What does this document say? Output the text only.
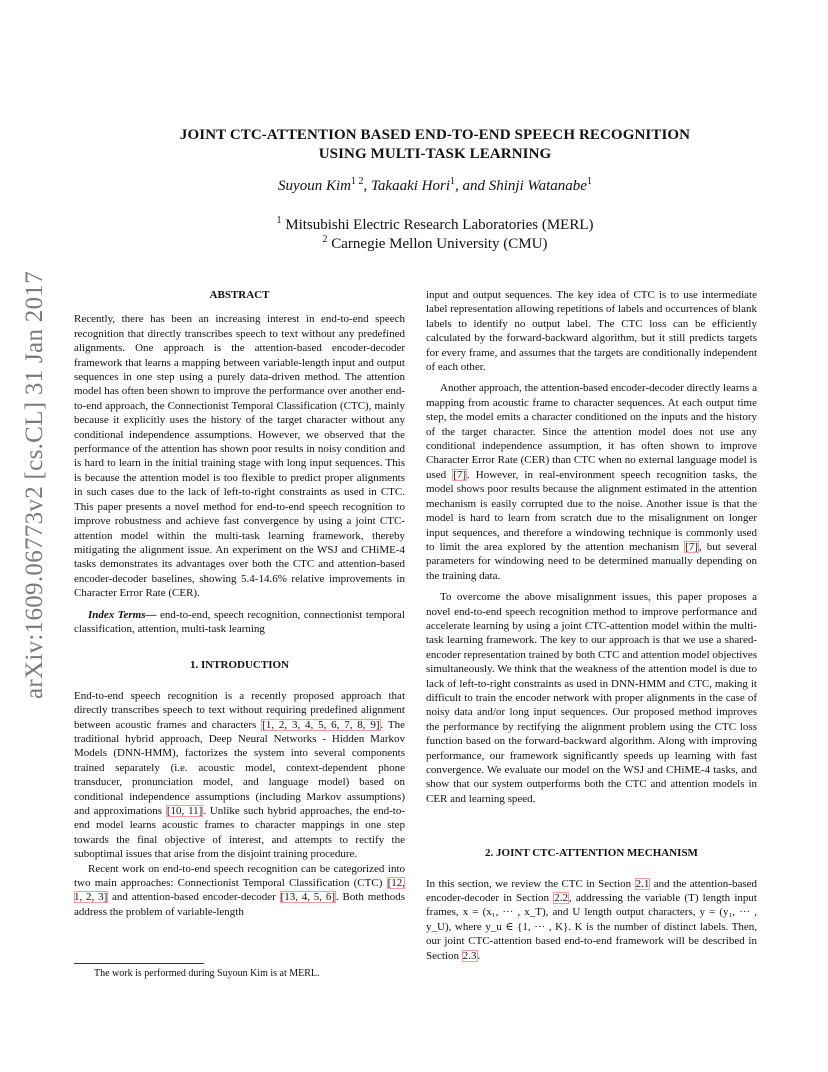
arXiv:1609.06773v2 [cs.CL] 31 Jan 2017
JOINT CTC-ATTENTION BASED END-TO-END SPEECH RECOGNITION
USING MULTI-TASK LEARNING
Suyoun Kim$^{1 2}$, Takaaki Hori$^1$, and Shinji Watanabe$^1$
$^1$ Mitsubishi Electric Research Laboratories (MERL)
$^2$ Carnegie Mellon University (CMU)
ABSTRACT

Recently, there has been an increasing interest in end-to-end speech recognition that directly transcribes speech to text without any predefined alignments. One approach is the attention-based encoder-decoder framework that learns a mapping between variable-length input and output sequences in one step using a purely data-driven method. The attention model has often been shown to improve the performance over another end-to-end approach, the Connectionist Temporal Classification (CTC), mainly because it explicitly uses the history of the target character without any conditional independence assumptions. However, we observed that the performance of the attention has shown poor results in noisy condition and is hard to learn in the initial training stage with long input sequences. This is because the attention model is too flexible to predict proper alignments in such cases due to the lack of left-to-right constraints as used in CTC. This paper presents a novel method for end-to-end speech recognition to improve robustness and achieve fast convergence by using a joint CTC-attention model within the multi-task learning framework, thereby mitigating the alignment issue. An experiment on the WSJ and CHiME-4 tasks demonstrates its advantages over both the CTC and attention-based encoder-decoder baselines, showing 5.4-14.6% relative improvements in Character Error Rate (CER).

Index Terms— end-to-end, speech recognition, connectionist temporal classification, attention, multi-task learning

1. INTRODUCTION

End-to-end speech recognition is a recently proposed approach that directly transcribes speech to text without requiring predefined alignment between acoustic frames and characters [1, 2, 3, 4, 5, 6, 7, 8, 9]. The traditional hybrid approach, Deep Neural Networks - Hidden Markov Models (DNN-HMM), factorizes the system into several components trained separately (i.e. acoustic model, context-dependent phone transducer, pronunciation model, and language model) based on conditional independence assumptions (including Markov assumptions) and approximations [10, 11]. Unlike such hybrid approaches, the end-to-end model learns acoustic frames to character mappings in one step towards the final objective of interest, and attempts to rectify the suboptimal issues that arise from the disjoint training procedure.

Recent work on end-to-end speech recognition can be categorized into two main approaches: Connectionist Temporal Classification (CTC) [12, 1, 2, 3] and attention-based encoder-decoder [13, 4, 5, 6]. Both methods address the problem of variable-length

The work is performed during Suyoun Kim is at MERL.

input and output sequences. The key idea of CTC is to use intermediate label representation allowing repetitions of labels and occurrences of blank labels to identify no output label. The CTC loss can be efficiently calculated by the forward-backward algorithm, but it still predicts targets for every frame, and assumes that the targets are conditionally independent of each other.

Another approach, the attention-based encoder-decoder directly learns a mapping from acoustic frame to character sequences. At each output time step, the model emits a character conditioned on the inputs and the history of the target character. Since the attention model does not use any conditional independence assumption, it has often shown to improve Character Error Rate (CER) than CTC when no external language model is used [7]. However, in real-environment speech recognition tasks, the model shows poor results because the alignment estimated in the attention mechanism is easily corrupted due to the noise. Another issue is that the model is hard to learn from scratch due to the misalignment on longer input sequences, and therefore a windowing technique is commonly used to limit the area explored by the attention mechanism [7], but several parameters for windowing need to be determined manually depending on the training data.

To overcome the above misalignment issues, this paper proposes a novel end-to-end speech recognition method to improve performance and accelerate learning by using a joint CTC-attention model within the multi-task learning framework. The key to our approach is that we use a shared-encoder representation trained by both CTC and attention model objectives simultaneously. We think that the weakness of the attention model is due to lack of left-to-right constraints as used in DNN-HMM and CTC, making it difficult to train the encoder network with proper alignments in the case of noisy data and/or long input sequences. Our proposed method improves the performance by rectifying the alignment problem using the CTC loss function based on the forward-backward algorithm. Along with improving performance, our framework significantly speeds up learning with fast convergence. We evaluate our model on the WSJ and CHiME-4 tasks, and show that our system outperforms both the CTC and attention models in CER and learning speed.

2. JOINT CTC-ATTENTION MECHANISM

In this section, we review the CTC in Section 2.1 and the attention-based encoder-decoder in Section 2.2, addressing the variable (T) length input frames, x = (x₁, ··· , x_T), and U length output characters, y = (y₁, ··· , y_U), where y_u ∈ {1, ··· , K}. K is the number of distinct labels. Then, our joint CTC-attention based end-to-end framework will be described in Section 2.3.
